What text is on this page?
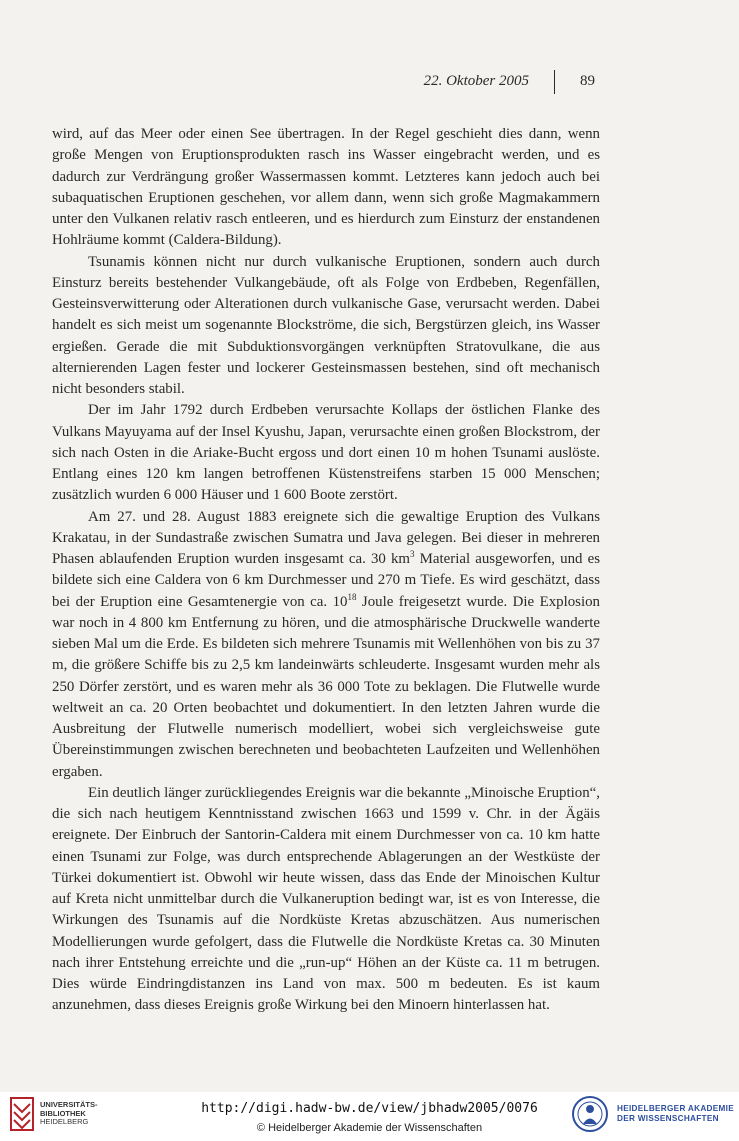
22. Oktober 2005	89

wird, auf das Meer oder einen See übertragen. In der Regel geschieht dies dann, wenn große Mengen von Eruptionsprodukten rasch ins Wasser eingebracht werden, und es dadurch zur Verdrängung großer Wassermassen kommt. Letzteres kann jedoch auch bei subaquatischen Eruptionen geschehen, vor allem dann, wenn sich große Magmakammern unter den Vulkanen relativ rasch entleeren, und es hierdurch zum Einsturz der enstandenen Hohlräume kommt (Caldera-Bildung).

Tsunamis können nicht nur durch vulkanische Eruptionen, sondern auch durch Einsturz bereits bestehender Vulkangebäude, oft als Folge von Erdbeben, Regenfällen, Gesteinsverwitterung oder Alterationen durch vulkanische Gase, verursacht werden. Dabei handelt es sich meist um sogenannte Blockströme, die sich, Bergstürzen gleich, ins Wasser ergießen. Gerade die mit Subduktionsvorgängen verknüpften Stratovulkane, die aus alternierenden Lagen fester und lockerer Gesteinsmassen bestehen, sind oft mechanisch nicht besonders stabil.

Der im Jahr 1792 durch Erdbeben verursachte Kollaps der östlichen Flanke des Vulkans Mayuyama auf der Insel Kyushu, Japan, verursachte einen großen Blockstrom, der sich nach Osten in die Ariake-Bucht ergoss und dort einen 10 m hohen Tsunami auslöste. Entlang eines 120 km langen betroffenen Küstenstreifens starben 15 000 Menschen; zusätzlich wurden 6 000 Häuser und 1 600 Boote zerstört.

Am 27. und 28. August 1883 ereignete sich die gewaltige Eruption des Vulkans Krakatau, in der Sundastraße zwischen Sumatra und Java gelegen. Bei dieser in mehreren Phasen ablaufenden Eruption wurden insgesamt ca. 30 $km^3$ Material ausgeworfen, und es bildete sich eine Caldera von 6 km Durchmesser und 270 m Tiefe. Es wird geschätzt, dass bei der Eruption eine Gesamtenergie von ca. $10^{18}$ Joule freigesetzt wurde. Die Explosion war noch in 4 800 km Entfernung zu hören, und die atmosphärische Druckwelle wanderte sieben Mal um die Erde. Es bildeten sich mehrere Tsunamis mit Wellenhöhen von bis zu 37 m, die größere Schiffe bis zu 2,5 km landeinwärts schleuderte. Insgesamt wurden mehr als 250 Dörfer zerstört, und es waren mehr als 36 000 Tote zu beklagen. Die Flutwelle wurde weltweit an ca. 20 Orten beobachtet und dokumentiert. In den letzten Jahren wurde die Ausbreitung der Flutwelle numerisch modelliert, wobei sich vergleichsweise gute Übereinstimmungen zwischen berechneten und beobachteten Laufzeiten und Wellenhöhen ergaben.

Ein deutlich länger zurückliegendes Ereignis war die bekannte „Minoische Eruption“, die sich nach heutigem Kenntnisstand zwischen 1663 und 1599 v. Chr. in der Ägäis ereignete. Der Einbruch der Santorin-Caldera mit einem Durchmesser von ca. 10 km hatte einen Tsunami zur Folge, was durch entsprechende Ablagerungen an der Westküste der Türkei dokumentiert ist. Obwohl wir heute wissen, dass das Ende der Minoischen Kultur auf Kreta nicht unmittelbar durch die Vulkaneruption bedingt war, ist es von Interesse, die Wirkungen des Tsunamis auf die Nordküste Kretas abzuschätzen. Aus numerischen Modellierungen wurde gefolgert, dass die Flutwelle die Nordküste Kretas ca. 30 Minuten nach ihrer Entstehung erreichte und die „run-up“ Höhen an der Küste ca. 11 m betrugen. Dies würde Eindringdistanzen ins Land von max. 500 m bedeuten. Es ist kaum anzunehmen, dass dieses Ereignis große Wirkung bei den Minoern hinterlassen hat.

UNIVERSITÄTS-
BIBLIOTHEK
HEIDELBERG
http://digi.hadw-bw.de/view/jbhadw2005/0076
© Heidelberger Akademie der Wissenschaften
HEIDELBERGER AKADEMIE
DER WISSENSCHAFTEN
